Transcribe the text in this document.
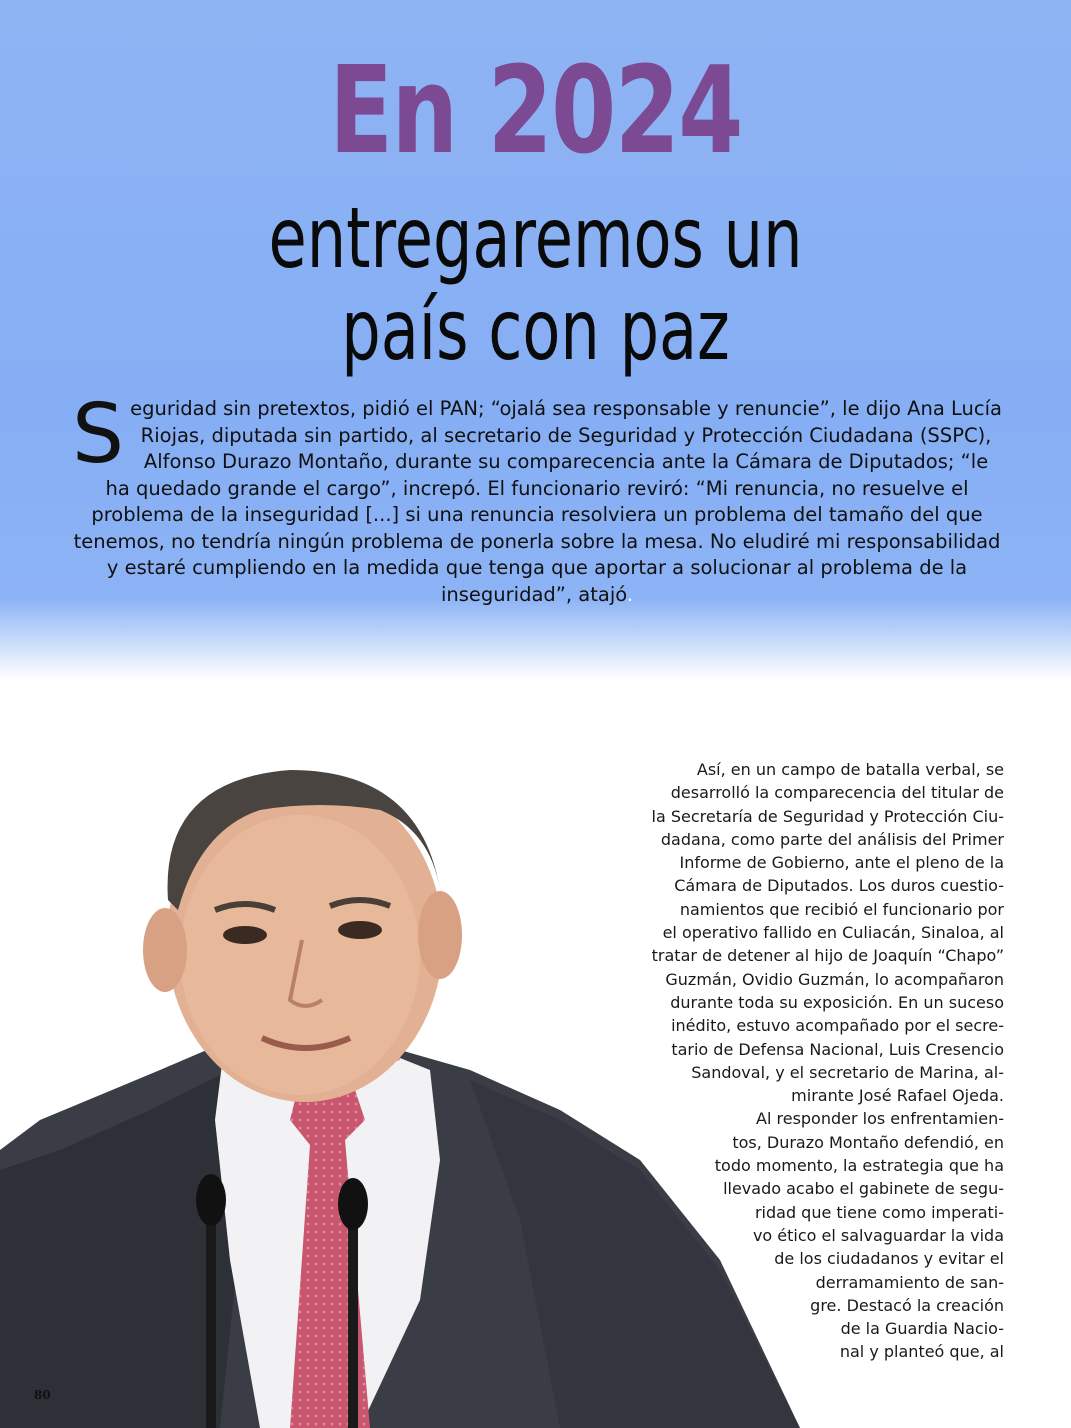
En 2024
entregaremos un
país con paz
Seguridad sin pretextos, pidió el PAN; “ojalá sea responsable y renuncie”, le dijo Ana Lucía Riojas, diputada sin partido, al secretario de Seguridad y Protección Ciudadana (SSPC), Alfonso Durazo Montaño, durante su comparecencia ante la Cámara de Diputados; “le ha quedado grande el cargo”, increpó. El funcionario reviró: “Mi renuncia, no resuelve el problema de la inseguridad [...] si una renuncia resolviera un problema del tamaño del que tenemos, no tendría ningún problema de ponerla sobre la mesa. No eludiré mi responsabilidad y estaré cumpliendo en la medida que tenga que aportar a solucionar al problema de la inseguridad”, atajó.
Así, en un campo de batalla verbal, se
desarrolló la comparecencia del titular de
la Secretaría de Seguridad y Protección Ciu-
dadana, como parte del análisis del Primer
Informe de Gobierno, ante el pleno de la
Cámara de Diputados. Los duros cuestio-
namientos que recibió el funcionario por
el operativo fallido en Culiacán, Sinaloa, al
tratar de detener al hijo de Joaquín “Chapo”
Guzmán, Ovidio Guzmán, lo acompañaron
durante toda su exposición. En un suceso
inédito, estuvo acompañado por el secre-
tario de Defensa Nacional, Luis Cresencio
Sandoval, y el secretario de Marina, al-
mirante José Rafael Ojeda.
Al responder los enfrentamien-
tos, Durazo Montaño defendió, en
todo momento, la estrategia que ha
llevado acabo el gabinete de segu-
ridad que tiene como imperati-
vo ético el salvaguardar la vida
de los ciudadanos y evitar el
derramamiento de san-
gre. Destacó la creación
de la Guardia Nacio-
nal y planteó que, al
80
